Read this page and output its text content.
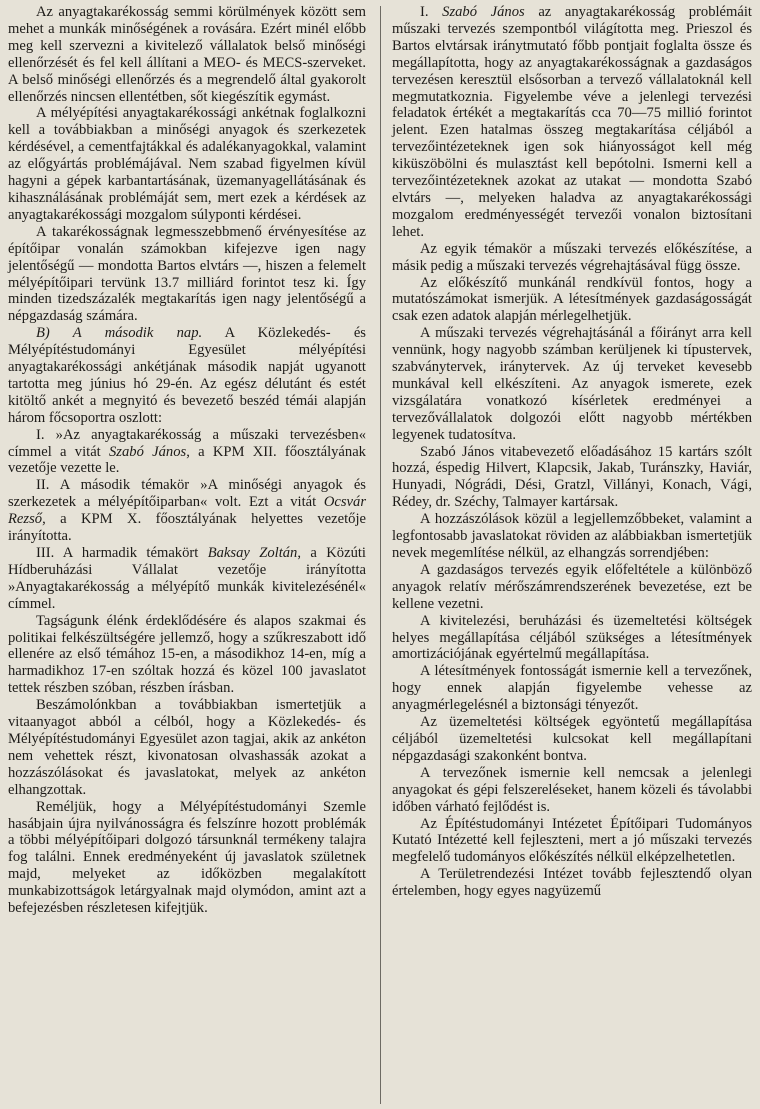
Az anyagtakarékosság semmi körülmények között sem mehet a munkák minőségének a rovására. Ezért minél előbb meg kell szervezni a kivitelező vállalatok belső minőségi ellenőrzését és fel kell állítani a MEO- és MECS-szerveket. A belső minőségi ellenőrzés és a megrendelő által gyakorolt ellenőrzés nincsen ellentétben, sőt kiegészítik egymást.

A mélyépítési anyagtakarékossági ankétnak foglalkozni kell a továbbiakban a minőségi anyagok és szerkezetek kérdésével, a cementfajtákkal és adalékanyagokkal, valamint az előgyártás problémájával. Nem szabad figyelmen kívül hagyni a gépek karbantartásának, üzemanyagellátásának és kihasználásának problémáját sem, mert ezek a kérdések az anyagtakarékossági mozgalom súlyponti kérdései.

A takarékosságnak legmesszebbmenő érvényesítése az építőipar vonalán számokban kifejezve igen nagy jelentőségű — mondotta Bartos elvtárs —, hiszen a felemelt mélyépítőipari tervünk 13.7 milliárd forintot tesz ki. Így minden tizedszázalék megtakarítás igen nagy jelentőségű a népgazdaság számára.

B) A második nap. A Közlekedés- és Mélyépítéstudományi Egyesület mélyépítési anyagtakarékossági ankétjának második napját ugyanott tartotta meg június hó 29-én. Az egész délutánt és estét kitöltő ankét a megnyitó és bevezető beszéd témái alapján három főcsoportra oszlott:

I. »Az anyagtakarékosság a műszaki tervezésben« címmel a vitát Szabó János, a KPM XII. főosztályának vezetője vezette le.

II. A második témakör »A minőségi anyagok és szerkezetek a mélyépítőiparban« volt. Ezt a vitát Ocsvár Rezső, a KPM X. főosztályának helyettes vezetője irányította.

III. A harmadik témakört Baksay Zoltán, a Közúti Hídberuházási Vállalat vezetője irányította »Anyagtakarékosság a mélyépítő munkák kivitelezésénél« címmel.

Tagságunk élénk érdeklődésére és alapos szakmai és politikai felkészültségére jellemző, hogy a szűkreszabott idő ellenére az első témához 15-en, a másodikhoz 14-en, míg a harmadikhoz 17-en szóltak hozzá és közel 100 javaslatot tettek részben szóban, részben írásban.

Beszámolónkban a továbbiakban ismertetjük a vitaanyagot abból a célból, hogy a Közlekedés- és Mélyépítéstudományi Egyesület azon tagjai, akik az ankéton nem vehettek részt, kivonatosan olvashassák azokat a hozzászólásokat és javaslatokat, melyek az ankéton elhangzottak.

Reméljük, hogy a Mélyépítéstudományi Szemle hasábjain újra nyilvánosságra és felszínre hozott problémák a többi mélyépítőipari dolgozó társunknál termékeny talajra fog találni. Ennek eredményeként új javaslatok születnek majd, melyeket az időközben megalakított munkabizottságok letárgyalnak majd olymódon, amint azt a befejezésben részletesen kifejtjük.

I. Szabó János az anyagtakarékosság problémáit műszaki tervezés szempontból világította meg. Prieszol és Bartos elvtársak iránytmutató főbb pontjait foglalta össze és megállapította, hogy az anyagtakarékosságnak a gazdaságos tervezésen keresztül elsősorban a tervező vállalatoknál kell megmutatkoznia. Figyelembe véve a jelenlegi tervezési feladatok értékét a megtakarítás cca 70—75 millió forintot jelent. Ezen hatalmas összeg megtakarítása céljából a tervezőintézeteknek igen sok hiányosságot kell még kiküszöbölni és mulasztást kell bepótolni. Ismerni kell a tervezőintézeteknek azokat az utakat — mondotta Szabó elvtárs —, melyeken haladva az anyagtakarékossági mozgalom eredményességét tervezői vonalon biztosítani lehet.

Az egyik témakör a műszaki tervezés előkészítése, a másik pedig a műszaki tervezés végrehajtásával függ össze.

Az előkészítő munkánál rendkívül fontos, hogy a mutatószámokat ismerjük. A létesítmények gazdaságosságát csak ezen adatok alapján mérlegelhetjük.

A műszaki tervezés végrehajtásánál a főirányt arra kell vennünk, hogy nagyobb számban kerüljenek ki típustervek, szabványtervek, iránytervek. Az új terveket kevesebb munkával kell elkészíteni. Az anyagok ismerete, ezek vizsgálatára vonatkozó kísérletek eredményei a tervezővállalatok dolgozói előtt nagyobb mértékben legyenek tudatosítva.

Szabó János vitabevezető előadásához 15 kartárs szólt hozzá, éspedig Hilvert, Klapcsik, Jakab, Turánszky, Haviár, Hunyadi, Nógrádi, Dési, Gratzl, Villányi, Konach, Vági, Rédey, dr. Széchy, Talmayer kartársak.

A hozzászólások közül a legjellemzőbbeket, valamint a legfontosabb javaslatokat röviden az alábbiakban ismertetjük nevek megemlítése nélkül, az elhangzás sorrendjében:

A gazdaságos tervezés egyik előfeltétele a különböző anyagok relatív mérőszámrendszerének bevezetése, ezt be kellene vezetni.

A kivitelezési, beruházási és üzemeltetési költségek helyes megállapítása céljából szükséges a létesítmények amortizációjának egyértelmű megállapítása.

A létesítmények fontosságát ismernie kell a tervezőnek, hogy ennek alapján figyelembe vehesse az anyagmérlegelésnél a biztonsági tényezőt.

Az üzemeltetési költségek egyöntetű megállapítása céljából üzemeltetési kulcsokat kell megállapítani népgazdasági szakonként bontva.

A tervezőnek ismernie kell nemcsak a jelenlegi anyagokat és gépi felszereléseket, hanem közeli és távolabbi időben várható fejlődést is.

Az Építéstudományi Intézetet Építőipari Tudományos Kutató Intézetté kell fejleszteni, mert a jó műszaki tervezés megfelelő tudományos előkészítés nélkül elképzelhetetlen.

A Területrendezési Intézet tovább fejlesztendő olyan értelemben, hogy egyes nagyüzemű
